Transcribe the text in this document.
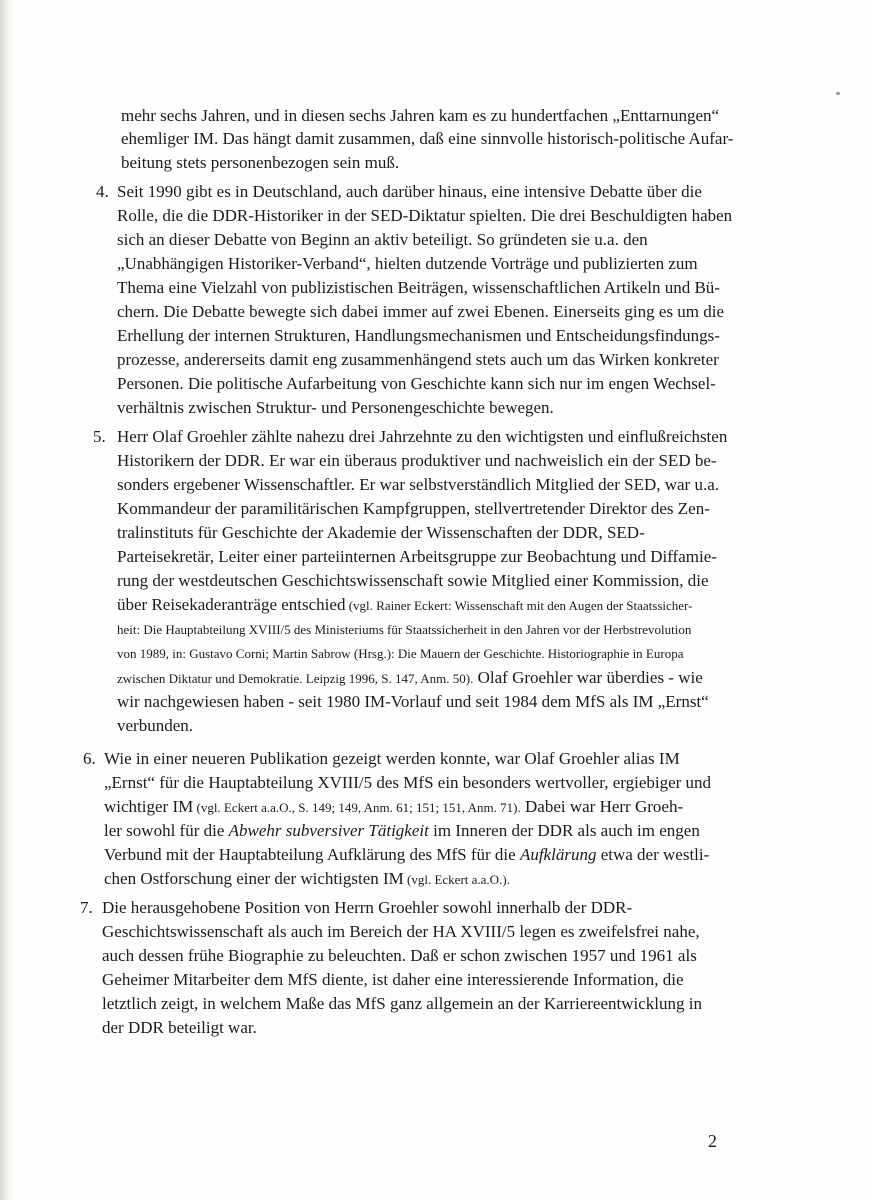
mehr sechs Jahren, und in diesen sechs Jahren kam es zu hundertfachen „Enttarnungen“
ehemliger IM. Das hängt damit zusammen, daß eine sinnvolle historisch-politische Aufar-
beitung stets personenbezogen sein muß.
4. Seit 1990 gibt es in Deutschland, auch darüber hinaus, eine intensive Debatte über die
Rolle, die die DDR-Historiker in der SED-Diktatur spielten. Die drei Beschuldigten haben
sich an dieser Debatte von Beginn an aktiv beteiligt. So gründeten sie u.a. den
„Unabhängigen Historiker-Verband“, hielten dutzende Vorträge und publizierten zum
Thema eine Vielzahl von publizistischen Beiträgen, wissenschaftlichen Artikeln und Bü-
chern. Die Debatte bewegte sich dabei immer auf zwei Ebenen. Einerseits ging es um die
Erhellung der internen Strukturen, Handlungsmechanismen und Entscheidungsfindungs-
prozesse, andererseits damit eng zusammenhängend stets auch um das Wirken konkreter
Personen. Die politische Aufarbeitung von Geschichte kann sich nur im engen Wechsel-
verhältnis zwischen Struktur- und Personengeschichte bewegen.
5. Herr Olaf Groehler zählte nahezu drei Jahrzehnte zu den wichtigsten und einflußreichsten
Historikern der DDR. Er war ein überaus produktiver und nachweislich ein der SED be-
sonders ergebener Wissenschaftler. Er war selbstverständlich Mitglied der SED, war u.a.
Kommandeur der paramilitärischen Kampfgruppen, stellvertretender Direktor des Zen-
tralinstituts für Geschichte der Akademie der Wissenschaften der DDR, SED-
Parteisekretär, Leiter einer parteiinternen Arbeitsgruppe zur Beobachtung und Diffamie-
rung der westdeutschen Geschichtswissenschaft sowie Mitglied einer Kommission, die
über Reisekaderanträge entschied (vgl. Rainer Eckert: Wissenschaft mit den Augen der Staatssicher-
heit: Die Hauptabteilung XVIII/5 des Ministeriums für Staatssicherheit in den Jahren vor der Herbstrevolution
von 1989, in: Gustavo Corni; Martin Sabrow (Hrsg.): Die Mauern der Geschichte. Historiographie in Europa
zwischen Diktatur und Demokratie. Leipzig 1996, S. 147, Anm. 50). Olaf Groehler war überdies - wie
wir nachgewiesen haben - seit 1980 IM-Vorlauf und seit 1984 dem MfS als IM „Ernst“
verbunden.
6. Wie in einer neueren Publikation gezeigt werden konnte, war Olaf Groehler alias IM
„Ernst“ für die Hauptabteilung XVIII/5 des MfS ein besonders wertvoller, ergiebiger und
wichtiger IM (vgl. Eckert a.a.O., S. 149; 149, Anm. 61; 151; 151, Anm. 71). Dabei war Herr Groeh-
ler sowohl für die Abwehr subversiver Tätigkeit im Inneren der DDR als auch im engen
Verbund mit der Hauptabteilung Aufklärung des MfS für die Aufklärung etwa der westli-
chen Ostforschung einer der wichtigsten IM (vgl. Eckert a.a.O.).
7. Die herausgehobene Position von Herrn Groehler sowohl innerhalb der DDR-
Geschichtswissenschaft als auch im Bereich der HA XVIII/5 legen es zweifelsfrei nahe,
auch dessen frühe Biographie zu beleuchten. Daß er schon zwischen 1957 und 1961 als
Geheimer Mitarbeiter dem MfS diente, ist daher eine interessierende Information, die
letztlich zeigt, in welchem Maße das MfS ganz allgemein an der Karriereentwicklung in
der DDR beteiligt war.
2
